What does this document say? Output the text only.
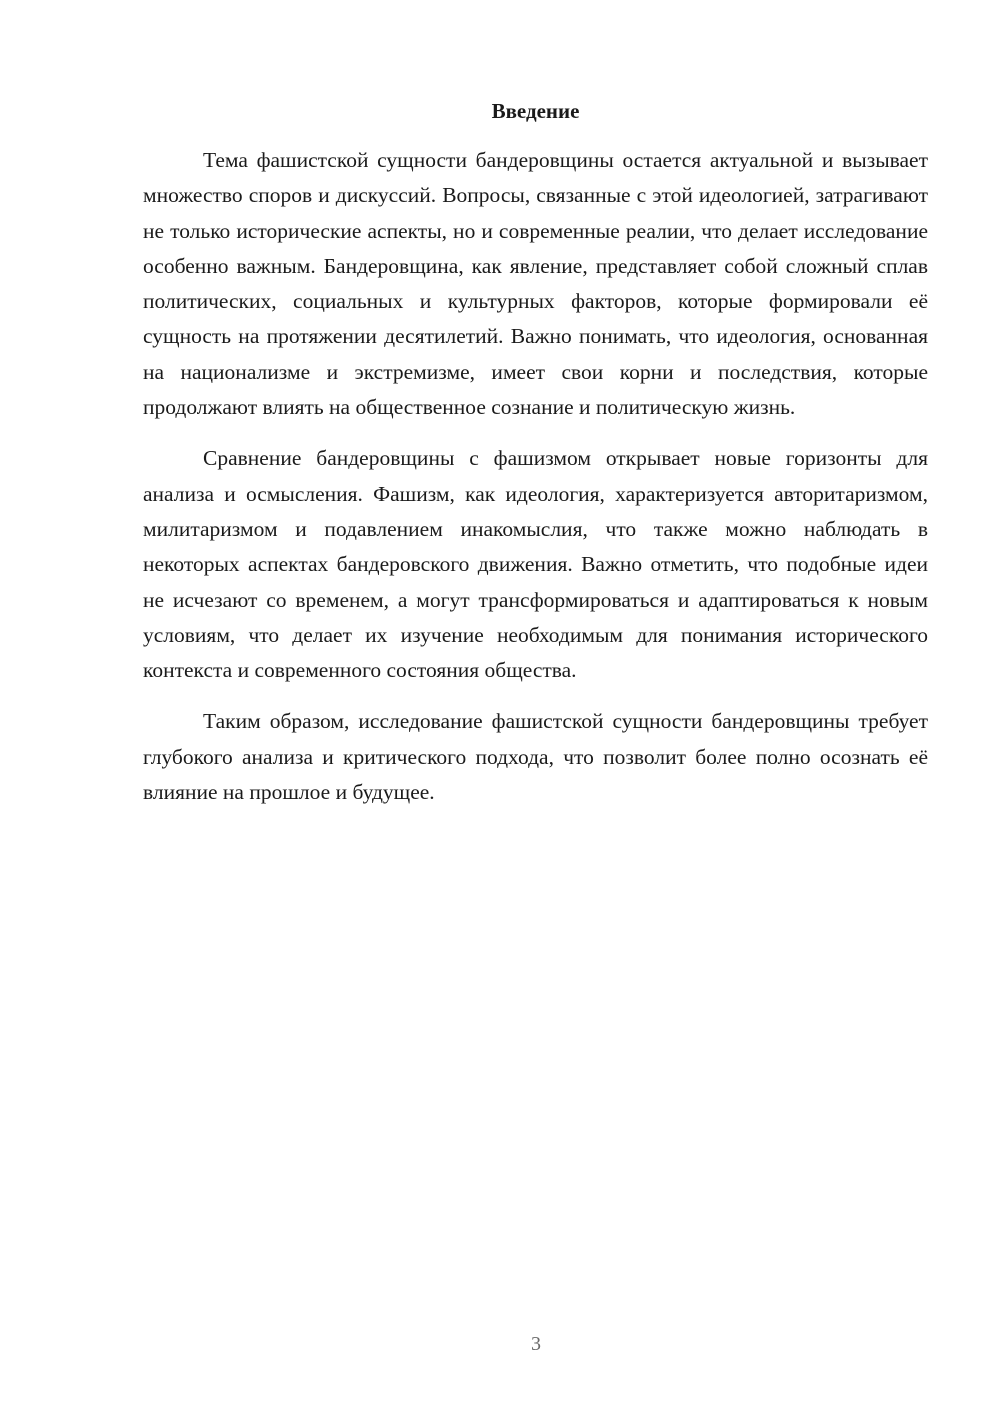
Введение

Тема фашистской сущности бандеровщины остается актуальной и вызывает множество споров и дискуссий. Вопросы, связанные с этой идеологией, затрагивают не только исторические аспекты, но и современные реалии, что делает исследование особенно важным. Бандеровщина, как явление, представляет собой сложный сплав политических, социальных и культурных факторов, которые формировали её сущность на протяжении десятилетий. Важно понимать, что идеология, основанная на национализме и экстремизме, имеет свои корни и последствия, которые продолжают влиять на общественное сознание и политическую жизнь.

Сравнение бандеровщины с фашизмом открывает новые горизонты для анализа и осмысления. Фашизм, как идеология, характеризуется авторитаризмом, милитаризмом и подавлением инакомыслия, что также можно наблюдать в некоторых аспектах бандеровского движения. Важно отметить, что подобные идеи не исчезают со временем, а могут трансформироваться и адаптироваться к новым условиям, что делает их изучение необходимым для понимания исторического контекста и современного состояния общества.

Таким образом, исследование фашистской сущности бандеровщины требует глубокого анализа и критического подхода, что позволит более полно осознать её влияние на прошлое и будущее.

3
